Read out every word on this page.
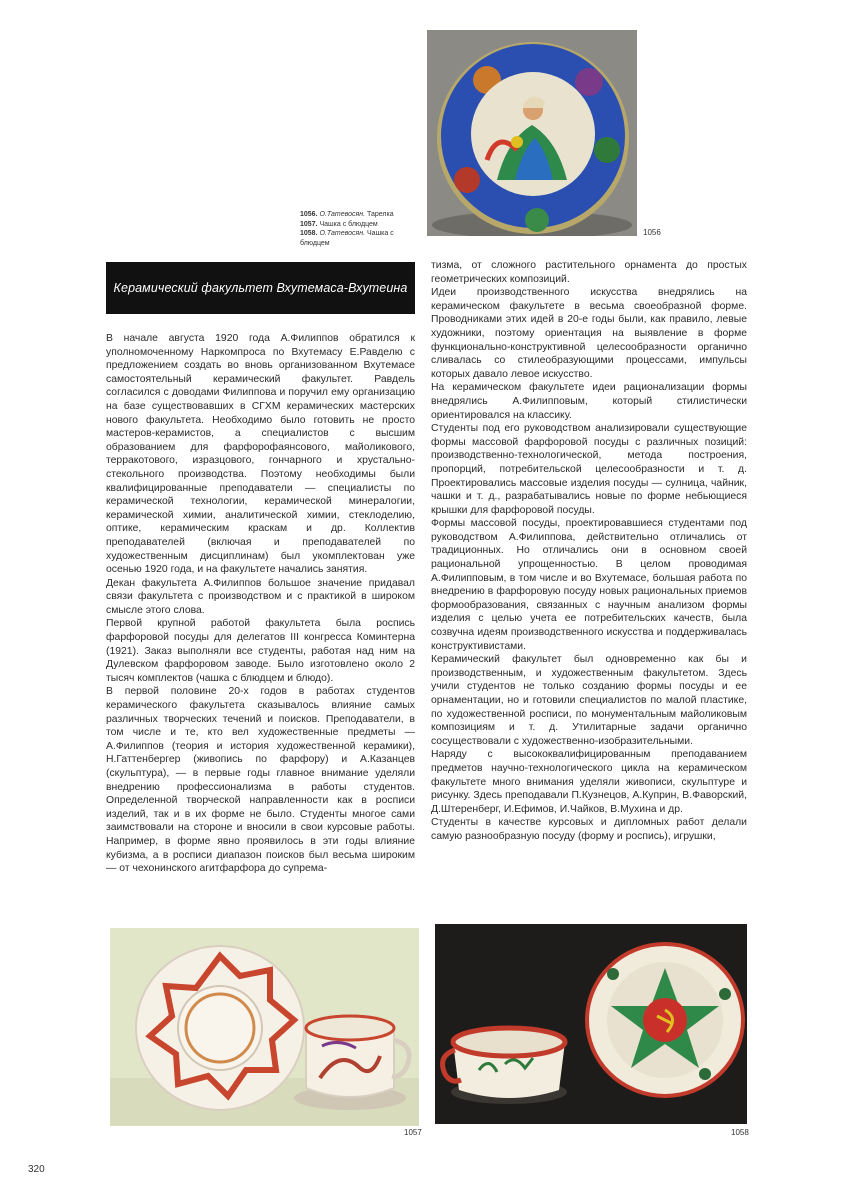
1056
1056. О.Татевосян. Тарелка
1057. Чашка с блюдцем
1058. О.Татевосян. Чашка с блюдцем
Керамический факультет Вхутемаса-Вхутеина

В начале августа 1920 года А.Филиппов обратился к уполномоченному Наркомпроса по Вхутемасу Е.Равделю с предложением создать во вновь организованном Вхутемасе самостоятельный керамический факультет. Равдель согласился с доводами Филиппова и поручил ему организацию на базе существовавших в СГХМ керамических мастерских нового факультета. Необходимо было готовить не просто мастеров-керамистов, а специалистов с высшим образованием для фарфорофаянсового, майоликового, терракотового, изразцового, гончарного и хрустально-стекольного производства. Поэтому необходимы были квалифицированные преподаватели — специалисты по керамической технологии, керамической минералогии, керамической химии, аналитической химии, стеклоделию, оптике, керамическим краскам и др. Коллектив преподавателей (включая и преподавателей по художественным дисциплинам) был укомплектован уже осенью 1920 года, и на факультете начались занятия.

Декан факультета А.Филиппов большое значение придавал связи факультета с производством и с практикой в широком смысле этого слова.

Первой крупной работой факультета была роспись фарфоровой посуды для делегатов III конгресса Коминтерна (1921). Заказ выполняли все студенты, работая над ним на Дулевском фарфоровом заводе. Было изготовлено около 2 тысяч комплектов (чашка с блюдцем и блюдо).

В первой половине 20-х годов в работах студентов керамического факультета сказывалось влияние самых различных творческих течений и поисков. Преподаватели, в том числе и те, кто вел художественные предметы — А.Филиппов (теория и история художественной керамики), Н.Гаттенбергер (живопись по фарфору) и А.Казанцев (скульптура), — в первые годы главное внимание уделяли внедрению профессионализма в работы студентов. Определенной творческой направленности как в росписи изделий, так и в их форме не было. Студенты многое сами заимствовали на стороне и вносили в свои курсовые работы. Например, в форме явно проявилось в эти годы влияние кубизма, а в росписи диапазон поисков был весьма широким — от чехонинского агитфарфора до супрема-

тизма, от сложного растительного орнамента до простых геометрических композиций.

Идеи производственного искусства внедрялись на керамическом факультете в весьма своеобразной форме. Проводниками этих идей в 20-е годы были, как правило, левые художники, поэтому ориентация на выявление в форме функционально-конструктивной целесообразности органично сливалась со стилеобразующими процессами, импульсы которых давало левое искусство.

На керамическом факультете идеи рационализации формы внедрялись А.Филипповым, который стилистически ориентировался на классику.

Студенты под его руководством анализировали существующие формы массовой фарфоровой посуды с различных позиций: производственно-технологической, метода построения, пропорций, потребительской целесообразности и т. д. Проектировались массовые изделия посуды — сулница, чайник, чашки и т. д., разрабатывались новые по форме небьющиеся крышки для фарфоровой посуды.

Формы массовой посуды, проектировавшиеся студентами под руководством А.Филиппова, действительно отличались от традиционных. Но отличались они в основном своей рациональной упрощенностью. В целом проводимая А.Филипповым, в том числе и во Вхутемасе, большая работа по внедрению в фарфоровую посуду новых рациональных приемов формообразования, связанных с научным анализом формы изделия с целью учета ее потребительских качеств, была созвучна идеям производственного искусства и поддерживалась конструктивистами.

Керамический факультет был одновременно как бы и производственным, и художественным факультетом. Здесь учили студентов не только созданию формы посуды и ее орнаментации, но и готовили специалистов по малой пластике, по художественной росписи, по монументальным майоликовым композициям и т. д. Утилитарные задачи органично сосуществовали с художественно-изобразительными.

Наряду с высококвалифицированным преподаванием предметов научно-технологического цикла на керамическом факультете много внимания уделяли живописи, скульптуре и рисунку. Здесь преподавали П.Кузнецов, А.Куприн, В.Фаворский, Д.Штеренберг, И.Ефимов, И.Чайков, В.Мухина и др.

Студенты в качестве курсовых и дипломных работ делали самую разнообразную посуду (форму и роспись), игрушки,

1057	1058
320
